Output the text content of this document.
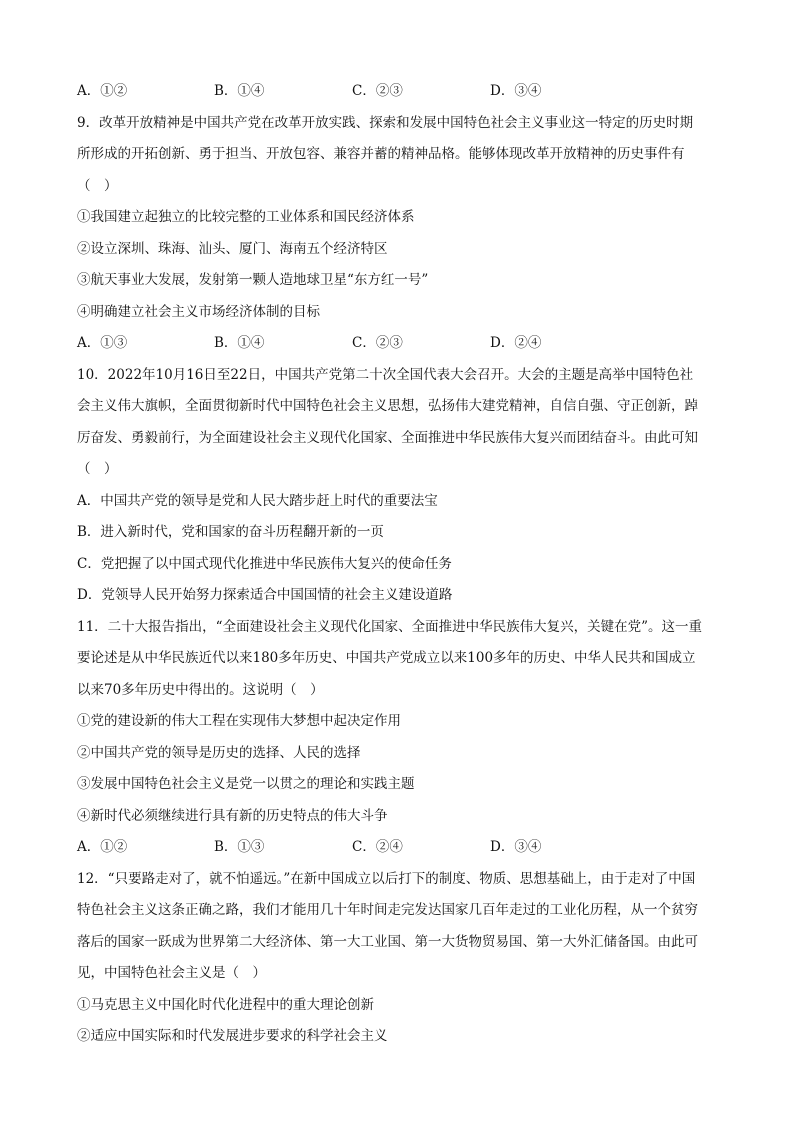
A．①②	B．①④	C．②③	D．③④
9．改革开放精神是中国共产党在改革开放实践、探索和发展中国特色社会主义事业这一特定的历史时期
所形成的开拓创新、勇于担当、开放包容、兼容并蓄的精神品格。能够体现改革开放精神的历史事件有
（　）
①我国建立起独立的比较完整的工业体系和国民经济体系
②设立深圳、珠海、汕头、厦门、海南五个经济特区
③航天事业大发展，发射第一颗人造地球卫星“东方红一号”
④明确建立社会主义市场经济体制的目标
A．①③	B．①④	C．②③	D．②④
10．2022年10月16日至22日，中国共产党第二十次全国代表大会召开。大会的主题是高举中国特色社
会主义伟大旗帜，全面贯彻新时代中国特色社会主义思想，弘扬伟大建党精神，自信自强、守正创新，踔
厉奋发、勇毅前行，为全面建设社会主义现代化国家、全面推进中华民族伟大复兴而团结奋斗。由此可知
（　）
A．中国共产党的领导是党和人民大踏步赶上时代的重要法宝
B．进入新时代，党和国家的奋斗历程翻开新的一页
C．党把握了以中国式现代化推进中华民族伟大复兴的使命任务
D．党领导人民开始努力探索适合中国国情的社会主义建设道路
11．二十大报告指出，“全面建设社会主义现代化国家、全面推进中华民族伟大复兴，关键在党”。这一重
要论述是从中华民族近代以来180多年历史、中国共产党成立以来100多年的历史、中华人民共和国成立
以来70多年历史中得出的。这说明（　）
①党的建设新的伟大工程在实现伟大梦想中起决定作用
②中国共产党的领导是历史的选择、人民的选择
③发展中国特色社会主义是党一以贯之的理论和实践主题
④新时代必须继续进行具有新的历史特点的伟大斗争
A．①②	B．①③	C．②④	D．③④
12．“只要路走对了，就不怕遥远。”在新中国成立以后打下的制度、物质、思想基础上，由于走对了中国
特色社会主义这条正确之路，我们才能用几十年时间走完发达国家几百年走过的工业化历程，从一个贫穷
落后的国家一跃成为世界第二大经济体、第一大工业国、第一大货物贸易国、第一大外汇储备国。由此可
见，中国特色社会主义是（　）
①马克思主义中国化时代化进程中的重大理论创新
②适应中国实际和时代发展进步要求的科学社会主义
